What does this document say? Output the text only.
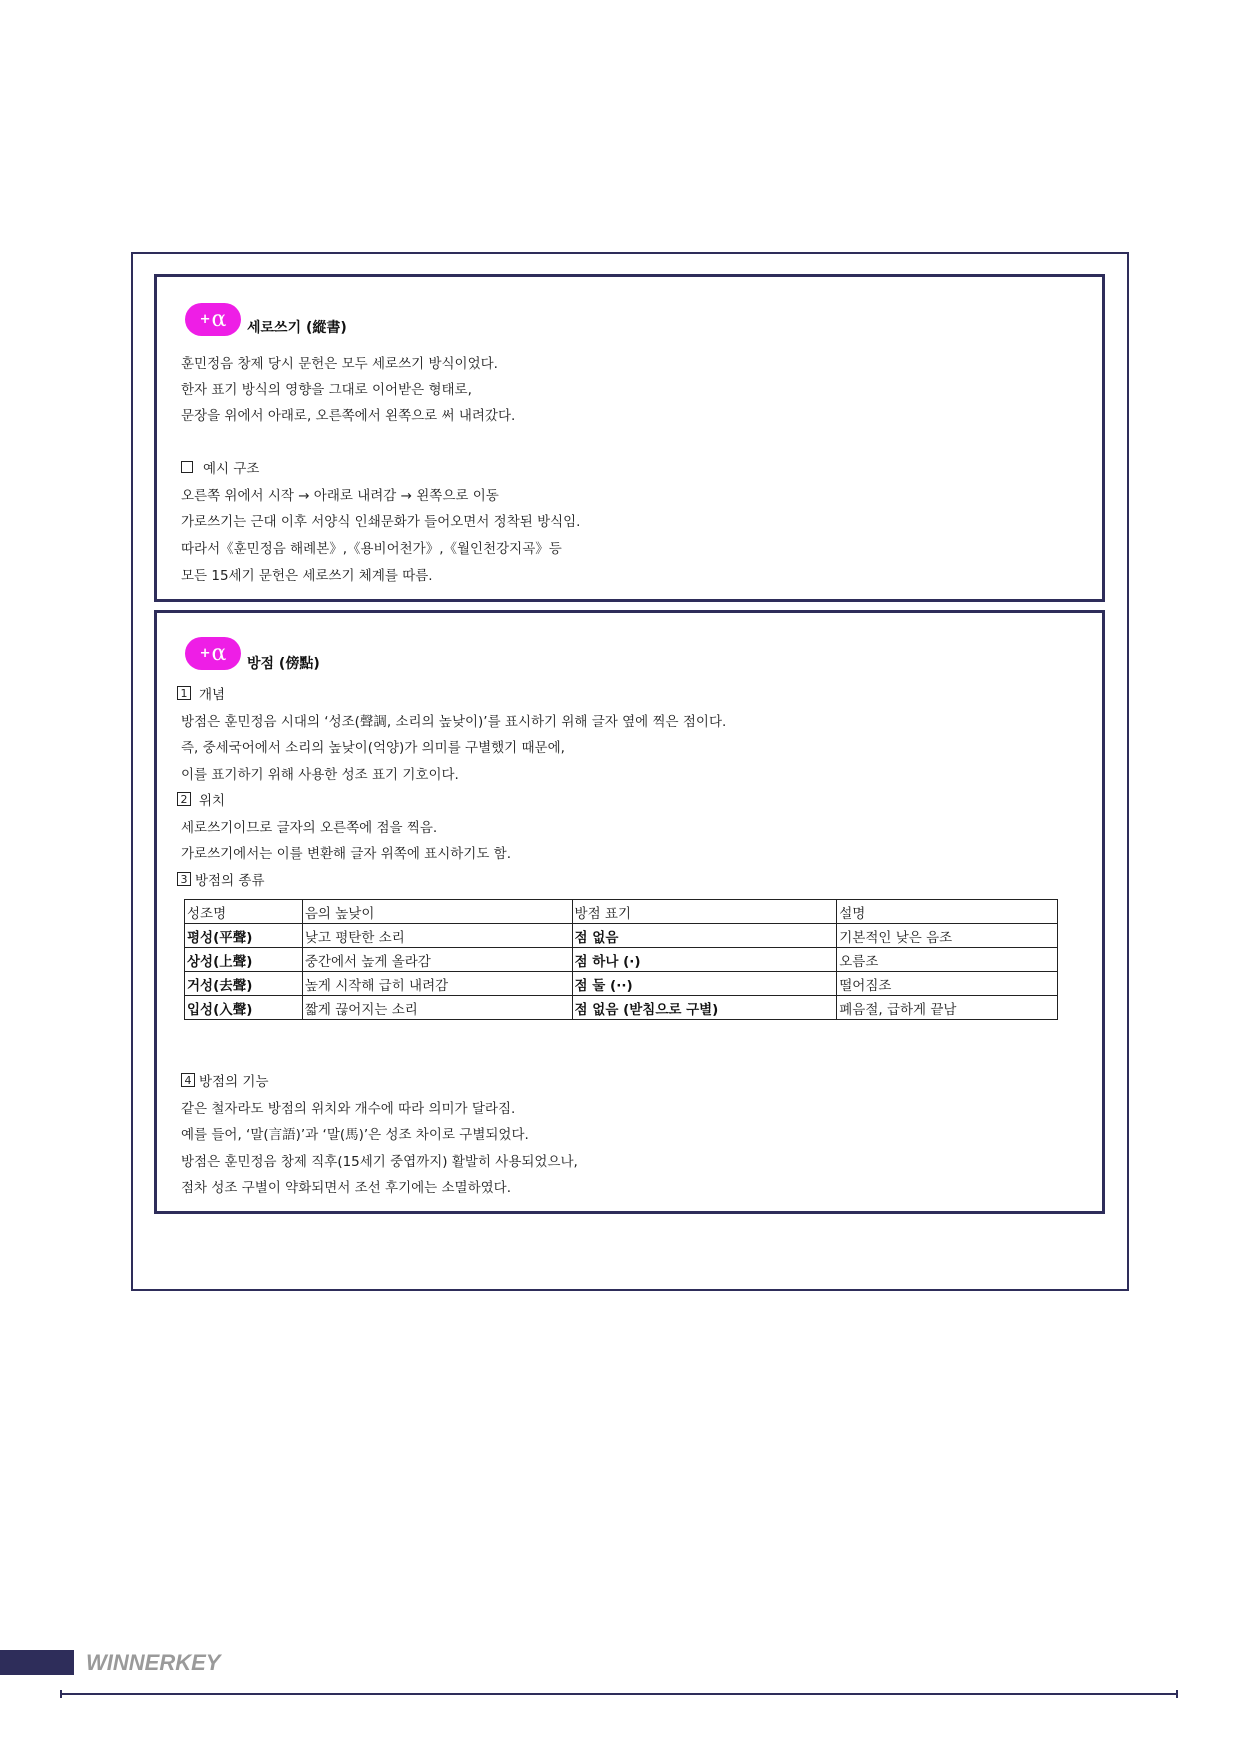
+ α 세로쓰기 (縱書)
훈민정음 창제 당시 문헌은 모두 세로쓰기 방식이었다.
한자 표기 방식의 영향을 그대로 이어받은 형태로,
문장을 위에서 아래로, 오른쪽에서 왼쪽으로 써 내려갔다.
예시 구조
오른쪽 위에서 시작 → 아래로 내려감 → 왼쪽으로 이동
가로쓰기는 근대 이후 서양식 인쇄문화가 들어오면서 정착된 방식임.
따라서《훈민정음 해례본》,《용비어천가》,《월인천강지곡》등
모든 15세기 문헌은 세로쓰기 체계를 따름.
+ α 방점 (傍點)
1 개념
방점은 훈민정음 시대의 ‘성조(聲調, 소리의 높낮이)’를 표시하기 위해 글자 옆에 찍은 점이다.
즉, 중세국어에서 소리의 높낮이(억양)가 의미를 구별했기 때문에,
이를 표기하기 위해 사용한 성조 표기 기호이다.
2 위치
세로쓰기이므로 글자의 오른쪽에 점을 찍음.
가로쓰기에서는 이를 변환해 글자 위쪽에 표시하기도 함.
3 방점의 종류
성조명	음의 높낮이	방점 표기	설명
평성(平聲)	낮고 평탄한 소리	점 없음	기본적인 낮은 음조
상성(上聲)	중간에서 높게 올라감	점 하나 (·)	오름조
거성(去聲)	높게 시작해 급히 내려감	점 둘 (··)	떨어짐조
입성(入聲)	짧게 끊어지는 소리	점 없음 (받침으로 구별)	폐음절, 급하게 끝남
4 방점의 기능
같은 철자라도 방점의 위치와 개수에 따라 의미가 달라짐.
예를 들어, ‘말(言語)’과 ‘말(馬)’은 성조 차이로 구별되었다.
방점은 훈민정음 창제 직후(15세기 중엽까지) 활발히 사용되었으나,
점차 성조 구별이 약화되면서 조선 후기에는 소멸하였다.
WINNERKEY
